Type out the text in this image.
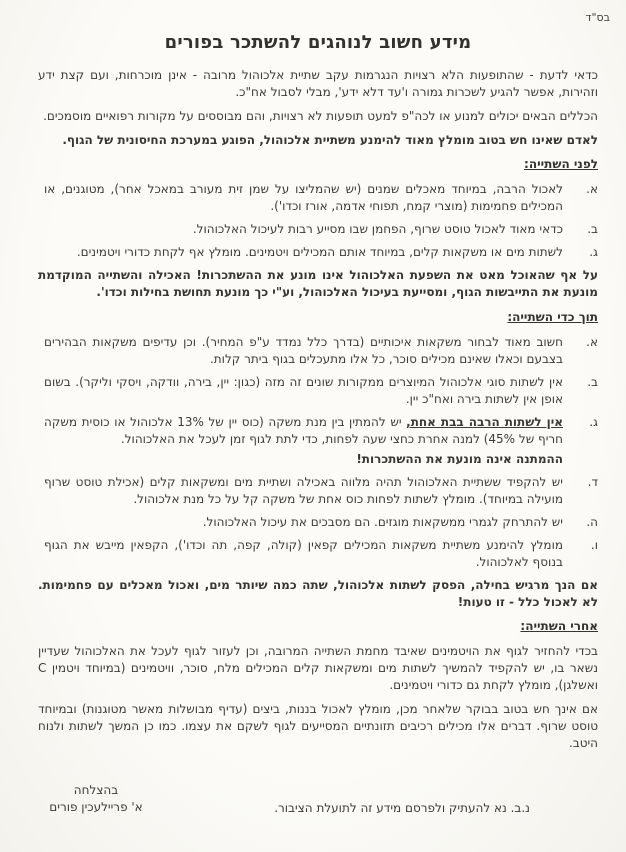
בס"ד
מידע חשוב לנוהגים להשתכר בפורים

כדאי לדעת - שהתופעות הלא רצויות הנגרמות עקב שתיית אלכוהול מרובה - אינן מוכרחות, ועם קצת ידע וזהירות, אפשר להגיע לשכרות גמורה ו'עד דלא ידע', מבלי לסבול אח"כ.

הכללים הבאים יכולים למנוע או לכה"פ למעט תופעות לא רצויות, והם מבוססים על מקורות רפואיים מוסמכים.

לאדם שאינו חש בטוב מומלץ מאוד להימנע משתיית אלכוהול, הפוגע במערכת החיסונית של הגוף.

לפני השתייה:
א.
לאכול הרבה, במיוחד מאכלים שמנים (יש שהמליצו על שמן זית מעורב במאכל אחר), מטוגנים, או המכילים פחמימות (מוצרי קמח, תפוחי אדמה, אורז וכדו').
ב.
כדאי מאוד לאכול טוסט שרוף, הפחמן שבו מסייע רבות לעיכול האלכוהול.
ג.
לשתות מים או משקאות קלים, במיוחד אותם המכילים ויטמינים. מומלץ אף לקחת כדורי ויטמינים.

על אף שהאוכל מאט את השפעת האלכוהול אינו מונע את ההשתכרות! האכילה והשתייה המוקדמת מונעת את התייבשות הגוף, ומסייעת בעיכול האלכוהול, וע"י כך מונעת תחושת בחילות וכדו'.

תוך כדי השתייה:
א.
חשוב מאוד לבחור משקאות איכותיים (בדרך כלל נמדד ע"פ המחיר). וכן עדיפים משקאות הבהירים בצבעם וכאלו שאינם מכילים סוכר, כל אלו מתעכלים בגוף ביתר קלות.
ב.
אין לשתות סוגי אלכוהול המיוצרים ממקורות שונים זה מזה (כגון: יין, בירה, וודקה, ויסקי וליקר). בשום אופן אין לשתות בירה ואח"כ יין.
ג.
אין לשתות הרבה בבת אחת, יש להמתין בין מנת משקה (כוס יין של 13% אלכוהול או כוסית משקה חריף של 45%) למנה אחרת כחצי שעה לפחות, כדי לתת לגוף זמן לעכל את האלכוהול.
ההמתנה אינה מונעת את ההשתכרות!
ד.
יש להקפיד ששתיית האלכוהול תהיה מלווה באכילה ושתיית מים ומשקאות קלים (אכילת טוסט שרוף מועילה במיוחד). מומלץ לשתות לפחות כוס אחת של משקה קל על כל מנת אלכוהול.
ה.
יש להתרחק לגמרי ממשקאות מוגזים. הם מסבכים את עיכול האלכוהול.
ו.
מומלץ להימנע משתיית משקאות המכילים קפאין (קולה, קפה, תה וכדו'), הקפאין מייבש את הגוף בנוסף לאלכוהול.

אם הנך מרגיש בחילה, הפסק לשתות אלכוהול, שתה כמה שיותר מים, ואכול מאכלים עם פחמימות. לא לאכול כלל - זו טעות!

אחרי השתייה:

בכדי להחזיר לגוף את הויטמינים שאיבד מחמת השתייה המרובה, וכן לעזור לגוף לעכל את האלכוהול שעדיין נשאר בו, יש להקפיד להמשיך לשתות מים ומשקאות קלים המכילים מלח, סוכר, וויטמינים (במיוחד ויטמין C ואשלגן), מומלץ לקחת גם כדורי ויטמינים.

אם אינך חש בטוב בבוקר שלאחר מכן, מומלץ לאכול בננות, ביצים (עדיף מבושלות מאשר מטוגנות) ובמיוחד טוסט שרוף. דברים אלו מכילים רכיבים תזונתיים המסייעים לגוף לשקם את עצמו. כמו כן המשך לשתות ולנוח היטב.

בהצלחה
א' פריילעכין פורים	נ.ב. נא להעתיק ולפרסם מידע זה לתועלת הציבור.
